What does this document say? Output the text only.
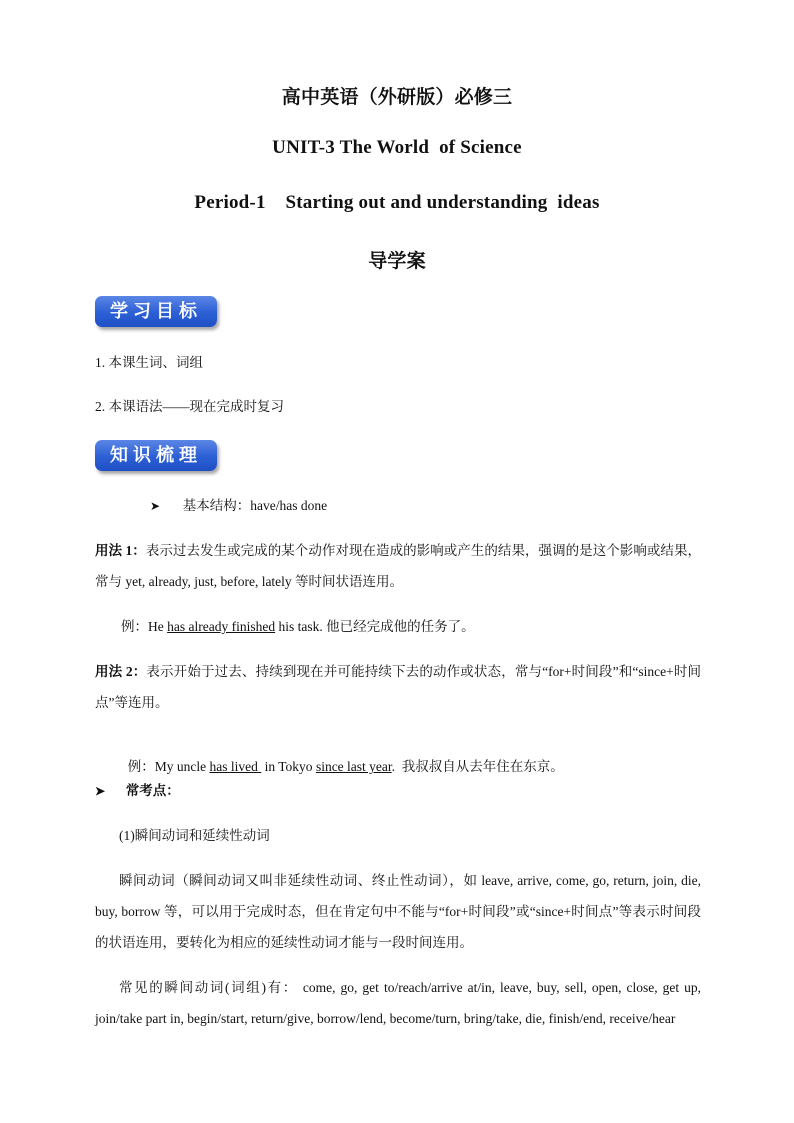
高中英语（外研版）必修三
UNIT-3 The World  of Science
Period-1    Starting out and understanding  ideas
导学案
学习目标
1. 本课生词、词组
2. 本课语法——现在完成时复习
知识梳理
➤ 基本结构：have/has done
用法 1：表示过去发生或完成的某个动作对现在造成的影响或产生的结果，强调的是这个影响或结果，常与 yet, already, just, before, lately 等时间状语连用。
例：He has already finished his task. 他已经完成他的任务了。
用法 2：表示开始于过去、持续到现在并可能持续下去的动作或状态，常与“for+时间段”和“since+时间点”等连用。

例：My uncle has lived  in Tokyo since last year.  我叔叔自从去年住在东京。

➤ 常考点：
(1)瞬间动词和延续性动词
瞬间动词（瞬间动词又叫非延续性动词、终止性动词），如 leave, arrive, come, go, return, join, die, buy, borrow 等，可以用于完成时态，但在肯定句中不能与“for+时间段”或“since+时间点”等表示时间段的状语连用，要转化为相应的延续性动词才能与一段时间连用。
常见的瞬间动词(词组)有： come, go, get to/reach/arrive at/in, leave, buy, sell, open, close, get up, join/take part in, begin/start, return/give, borrow/lend, become/turn, bring/take, die, finish/end, receive/hear
